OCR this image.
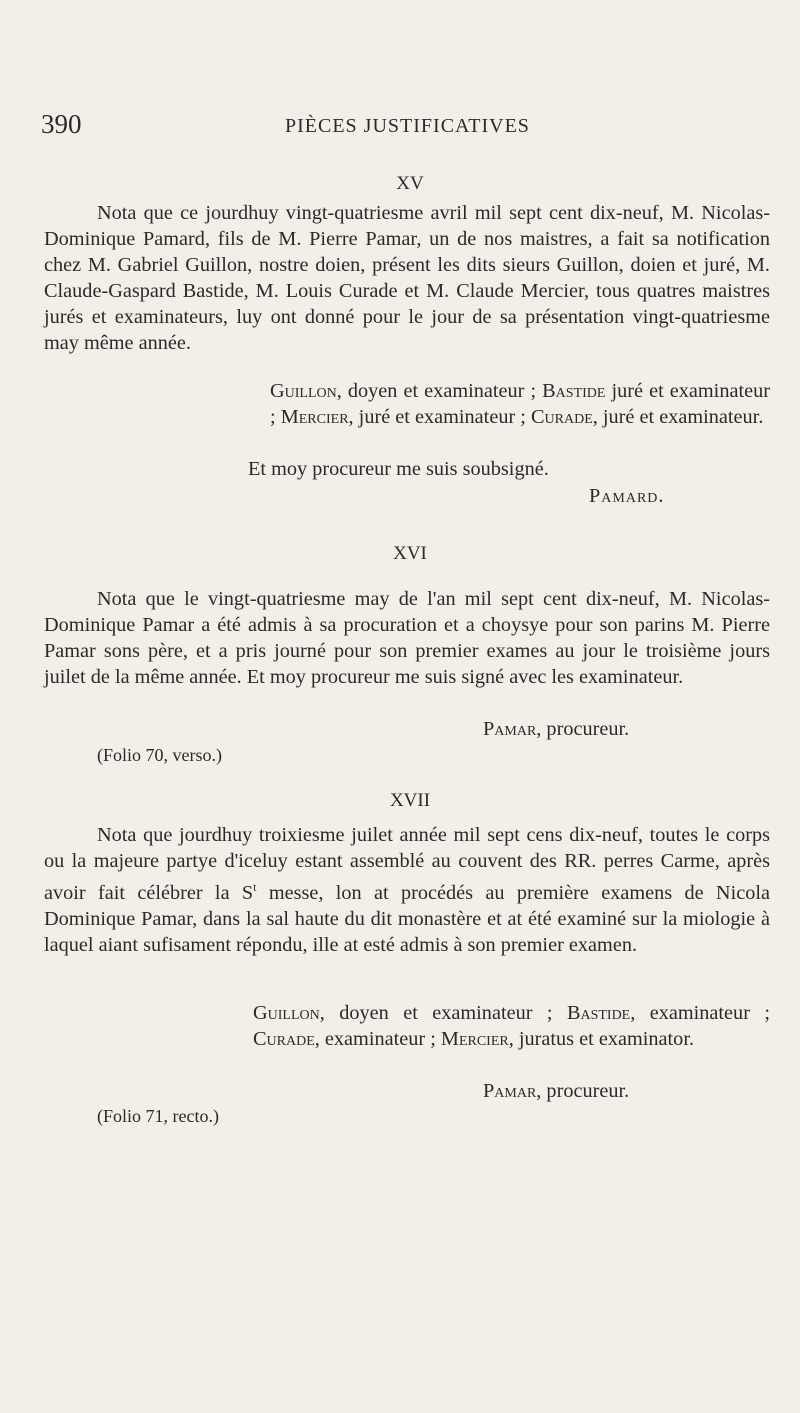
390	PIÈCES JUSTIFICATIVES
XV

Nota que ce jourdhuy vingt-quatriesme avril mil sept cent dix-neuf, M. Nicolas-Dominique Pamard, fils de M. Pierre Pamar, un de nos maistres, a fait sa notification chez M. Gabriel Guillon, nostre doien, présent les dits sieurs Guillon, doien et juré, M. Claude-Gaspard Bastide, M. Louis Curade et M. Claude Mercier, tous quatres maistres jurés et examinateurs, luy ont donné pour le jour de sa présentation vingt-quatriesme may même année.

Guillon, doyen et examinateur ; Bastide juré et examinateur ; Mercier, juré et examinateur ; Curade, juré et examinateur.

Et moy procureur me suis soubsigné.

Pamard.

XVI

Nota que le vingt-quatriesme may de l'an mil sept cent dix-neuf, M. Nicolas-Dominique Pamar a été admis à sa procuration et a choysye pour son parins M. Pierre Pamar sons père, et a pris journé pour son premier exames au jour le troisième jours juilet de la même année. Et moy procureur me suis signé avec les examinateur.

Pamar, procureur.

(Folio 70, verso.)
XVII

Nota que jourdhuy troixiesme juilet année mil sept cens dix-neuf, toutes le corps ou la majeure partye d'iceluy estant assemblé au couvent des RR. perres Carme, après avoir fait célébrer la $S^t$ messe, lon at procédés au première examens de Nicola Dominique Pamar, dans la sal haute du dit monastère et at été examiné sur la miologie à laquel aiant sufisament répondu, ille at esté admis à son premier examen.

Guillon, doyen et examinateur ; Bastide, examinateur ; Curade, examinateur ; Mercier, juratus et examinator.

Pamar, procureur.

(Folio 71, recto.)
